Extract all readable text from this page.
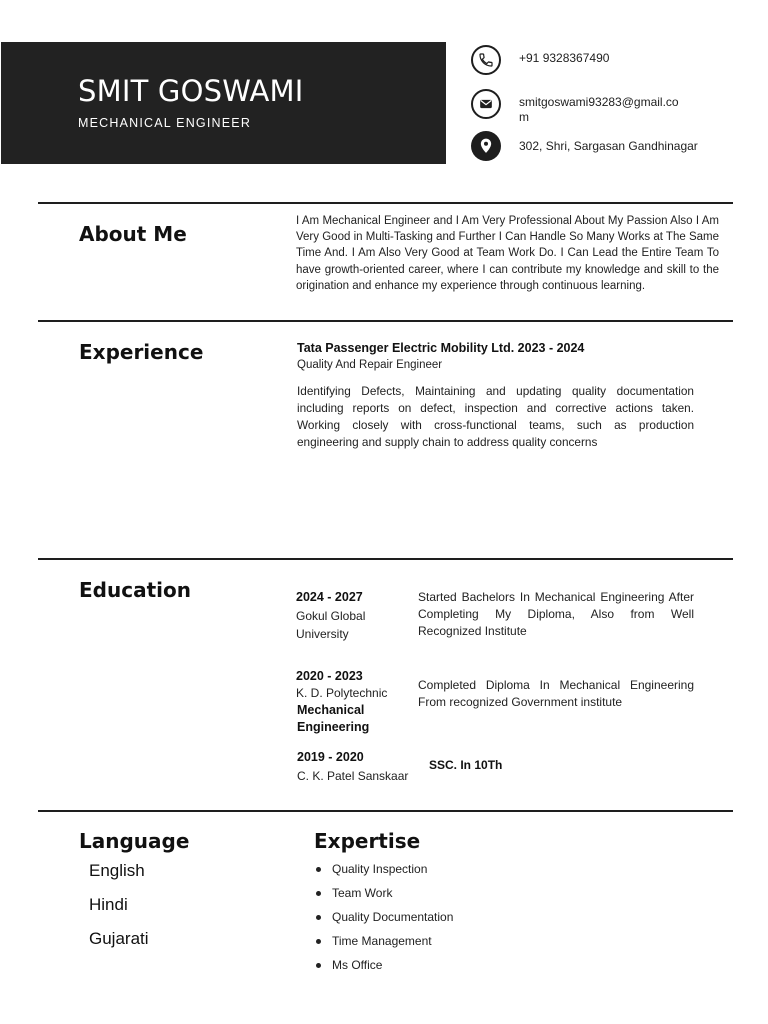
SMIT GOSWAMI
MECHANICAL ENGINEER
+91 9328367490
smitgoswami93283@gmail.com
302, Shri, Sargasan Gandhinagar
About Me
I Am Mechanical Engineer and I Am Very Professional About My Passion Also I Am Very Good in Multi-Tasking and Further I Can Handle So Many Works at The Same Time And. I Am Also Very Good at Team Work Do. I Can Lead the Entire Team To have growth-oriented career, where I can contribute my knowledge and skill to the origination and enhance my experience through continuous learning.
Experience	Tata Passenger Electric Mobility Ltd. 2023 - 2024
Quality And Repair Engineer
Identifying Defects, Maintaining and updating quality documentation including reports on defect, inspection and corrective actions taken. Working closely with cross-functional teams, such as production engineering and supply chain to address quality concerns
Education	2024 - 2027
Gokul Global University
Started Bachelors In Mechanical Engineering After Completing My Diploma, Also from Well Recognized Institute
2020 - 2023
K. D. Polytechnic
Mechanical Engineering
Completed Diploma In Mechanical Engineering From recognized Government institute
2019 - 2020
C. K. Patel Sanskaar
SSC. In 10Th
Language
English
Hindi
Gujarati
Expertise
Quality Inspection
Team Work
Quality Documentation
Time Management
Ms Office
